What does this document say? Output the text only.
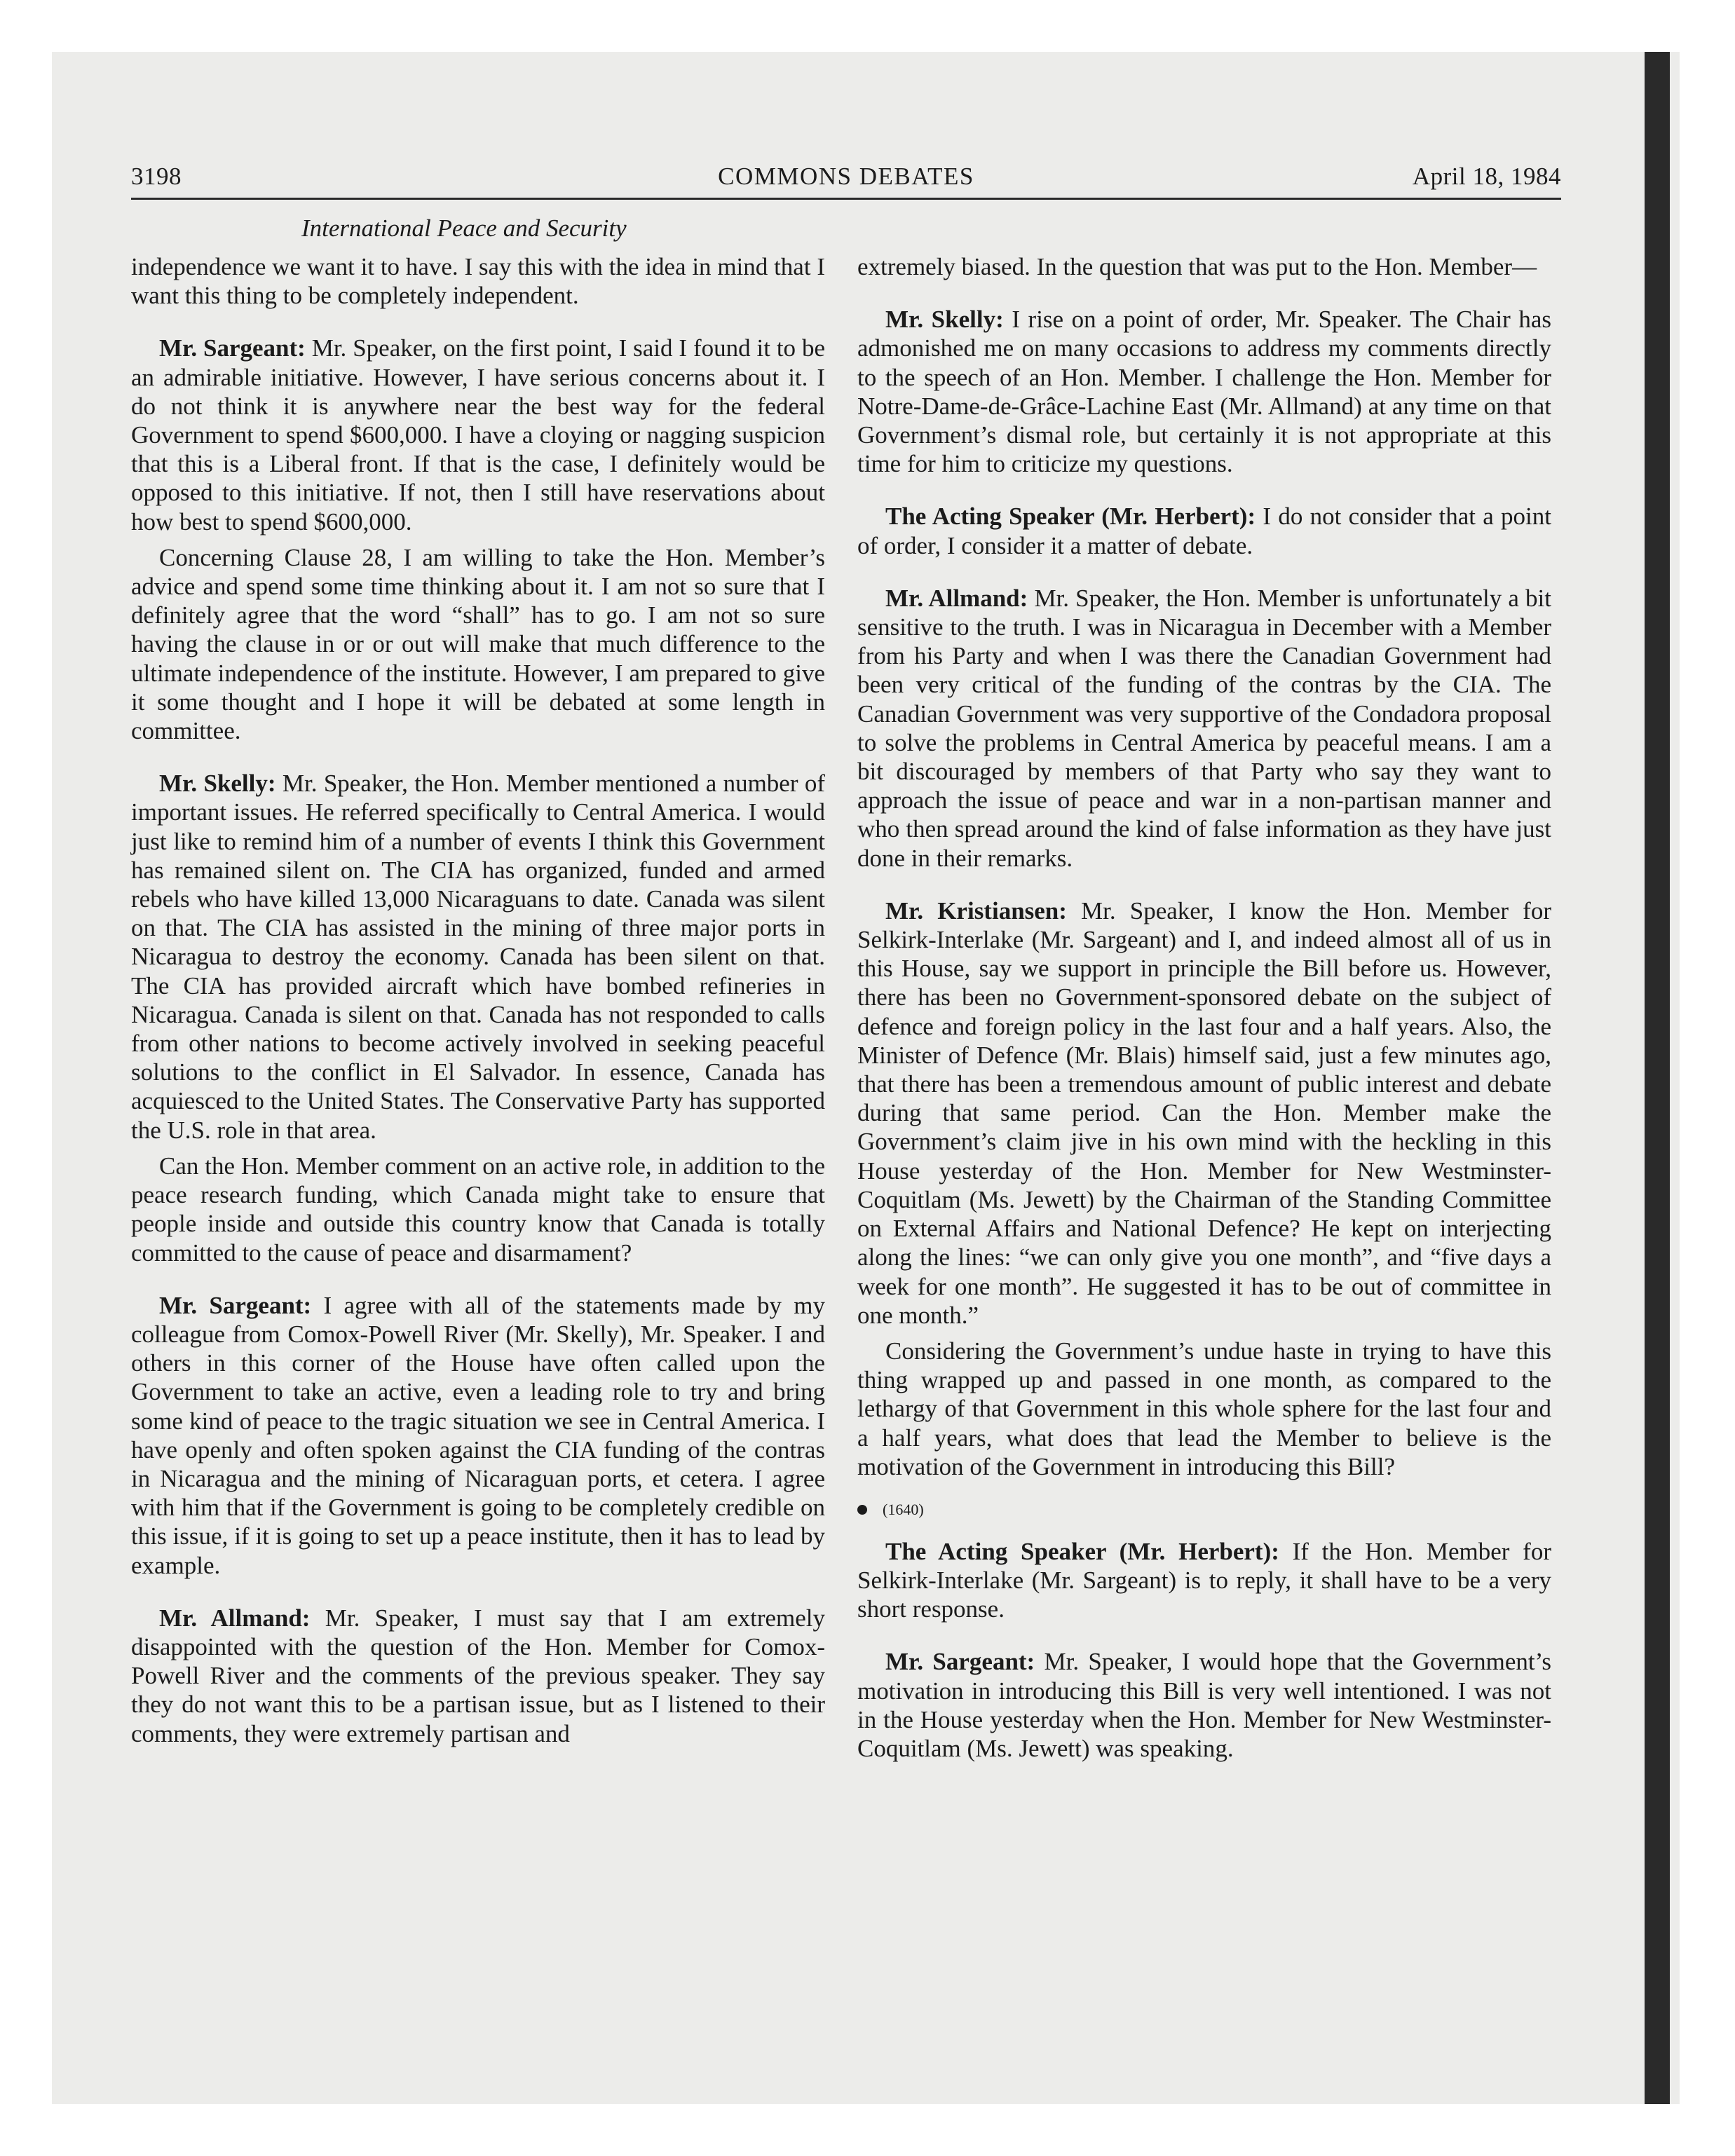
3198	COMMONS DEBATES	April 18, 1984
International Peace and Security

independence we want it to have. I say this with the idea in mind that I want this thing to be completely independent.

Mr. Sargeant: Mr. Speaker, on the first point, I said I found it to be an admirable initiative. However, I have serious concerns about it. I do not think it is anywhere near the best way for the federal Government to spend $600,000. I have a cloying or nagging suspicion that this is a Liberal front. If that is the case, I definitely would be opposed to this initiative. If not, then I still have reservations about how best to spend $600,000.

Concerning Clause 28, I am willing to take the Hon. Member’s advice and spend some time thinking about it. I am not so sure that I definitely agree that the word “shall” has to go. I am not so sure having the clause in or or out will make that much difference to the ultimate independence of the institute. However, I am prepared to give it some thought and I hope it will be debated at some length in committee.

Mr. Skelly: Mr. Speaker, the Hon. Member mentioned a number of important issues. He referred specifically to Central America. I would just like to remind him of a number of events I think this Government has remained silent on. The CIA has organized, funded and armed rebels who have killed 13,000 Nicaraguans to date. Canada was silent on that. The CIA has assisted in the mining of three major ports in Nicaragua to destroy the economy. Canada has been silent on that. The CIA has provided aircraft which have bombed refineries in Nicaragua. Canada is silent on that. Canada has not responded to calls from other nations to become actively involved in seeking peaceful solutions to the conflict in El Salvador. In essence, Canada has acquiesced to the United States. The Conservative Party has supported the U.S. role in that area.

Can the Hon. Member comment on an active role, in addition to the peace research funding, which Canada might take to ensure that people inside and outside this country know that Canada is totally committed to the cause of peace and disarmament?

Mr. Sargeant: I agree with all of the statements made by my colleague from Comox-Powell River (Mr. Skelly), Mr. Speaker. I and others in this corner of the House have often called upon the Government to take an active, even a leading role to try and bring some kind of peace to the tragic situation we see in Central America. I have openly and often spoken against the CIA funding of the contras in Nicaragua and the mining of Nicaraguan ports, et cetera. I agree with him that if the Government is going to be completely credible on this issue, if it is going to set up a peace institute, then it has to lead by example.

Mr. Allmand: Mr. Speaker, I must say that I am extremely disappointed with the question of the Hon. Member for Comox-Powell River and the comments of the previous speaker. They say they do not want this to be a partisan issue, but as I listened to their comments, they were extremely partisan and

extremely biased. In the question that was put to the Hon. Member—

Mr. Skelly: I rise on a point of order, Mr. Speaker. The Chair has admonished me on many occasions to address my comments directly to the speech of an Hon. Member. I challenge the Hon. Member for Notre-Dame-de-Grâce-Lachine East (Mr. Allmand) at any time on that Government’s dismal role, but certainly it is not appropriate at this time for him to criticize my questions.

The Acting Speaker (Mr. Herbert): I do not consider that a point of order, I consider it a matter of debate.

Mr. Allmand: Mr. Speaker, the Hon. Member is unfortunately a bit sensitive to the truth. I was in Nicaragua in December with a Member from his Party and when I was there the Canadian Government had been very critical of the funding of the contras by the CIA. The Canadian Government was very supportive of the Condadora proposal to solve the problems in Central America by peaceful means. I am a bit discouraged by members of that Party who say they want to approach the issue of peace and war in a non-partisan manner and who then spread around the kind of false information as they have just done in their remarks.

Mr. Kristiansen: Mr. Speaker, I know the Hon. Member for Selkirk-Interlake (Mr. Sargeant) and I, and indeed almost all of us in this House, say we support in principle the Bill before us. However, there has been no Government-sponsored debate on the subject of defence and foreign policy in the last four and a half years. Also, the Minister of Defence (Mr. Blais) himself said, just a few minutes ago, that there has been a tremendous amount of public interest and debate during that same period. Can the Hon. Member make the Government’s claim jive in his own mind with the heckling in this House yesterday of the Hon. Member for New Westminster-Coquitlam (Ms. Jewett) by the Chairman of the Standing Committee on External Affairs and National Defence? He kept on interjecting along the lines: “we can only give you one month”, and “five days a week for one month”. He suggested it has to be out of committee in one month.”

Considering the Government’s undue haste in trying to have this thing wrapped up and passed in one month, as compared to the lethargy of that Government in this whole sphere for the last four and a half years, what does that lead the Member to believe is the motivation of the Government in introducing this Bill?

(1640)

The Acting Speaker (Mr. Herbert): If the Hon. Member for Selkirk-Interlake (Mr. Sargeant) is to reply, it shall have to be a very short response.

Mr. Sargeant: Mr. Speaker, I would hope that the Government’s motivation in introducing this Bill is very well intentioned. I was not in the House yesterday when the Hon. Member for New Westminster-Coquitlam (Ms. Jewett) was speaking.
